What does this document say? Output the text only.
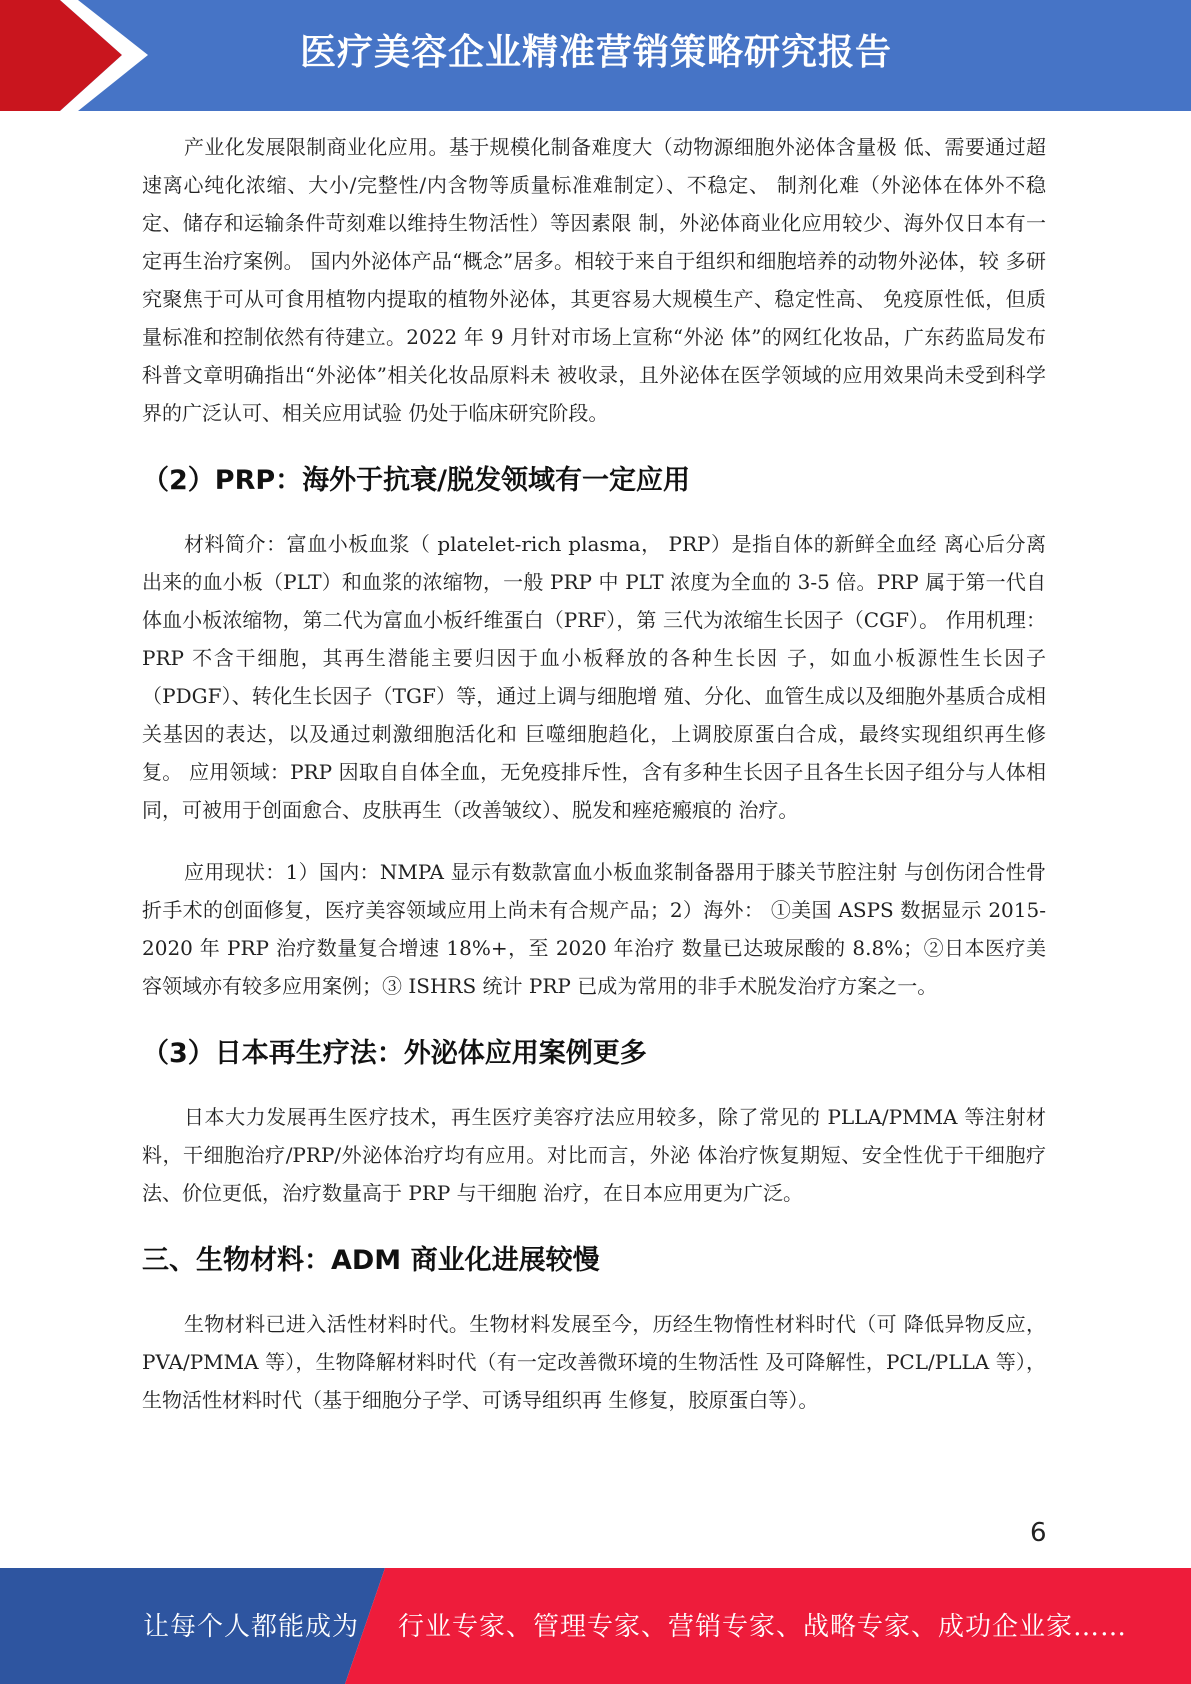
医疗美容企业精准营销策略研究报告

产业化发展限制商业化应用。基于规模化制备难度大（动物源细胞外泌体含量极 低、需要通过超速离心纯化浓缩、大小/完整性/内含物等质量标准难制定）、不稳定、 制剂化难（外泌体在体外不稳定、储存和运输条件苛刻难以维持生物活性）等因素限 制，外泌体商业化应用较少、海外仅日本有一定再生治疗案例。 国内外泌体产品“概念”居多。相较于来自于组织和细胞培养的动物外泌体，较 多研究聚焦于可从可食用植物内提取的植物外泌体，其更容易大规模生产、稳定性高、 免疫原性低，但质量标准和控制依然有待建立。2022 年 9 月针对市场上宣称“外泌 体”的网红化妆品，广东药监局发布科普文章明确指出“外泌体”相关化妆品原料未 被收录，且外泌体在医学领域的应用效果尚未受到科学界的广泛认可、相关应用试验 仍处于临床研究阶段。

（2）PRP：海外于抗衰/脱发领域有一定应用

材料简介：富血小板血浆（ platelet-rich plasma， PRP）是指自体的新鲜全血经 离心后分离出来的血小板（PLT）和血浆的浓缩物，一般 PRP 中 PLT 浓度为全血的 3-5 倍。PRP 属于第一代自体血小板浓缩物，第二代为富血小板纤维蛋白（PRF），第 三代为浓缩生长因子（CGF）。 作用机理：PRP 不含干细胞，其再生潜能主要归因于血小板释放的各种生长因 子，如血小板源性生长因子（PDGF）、转化生长因子（TGF）等，通过上调与细胞增 殖、分化、血管生成以及细胞外基质合成相关基因的表达，以及通过刺激细胞活化和 巨噬细胞趋化，上调胶原蛋白合成，最终实现组织再生修复。 应用领域：PRP 因取自自体全血，无免疫排斥性，含有多种生长因子且各生长因子组分与人体相同，可被用于创面愈合、皮肤再生（改善皱纹）、脱发和痤疮瘢痕的 治疗。

应用现状：1）国内：NMPA 显示有数款富血小板血浆制备器用于膝关节腔注射 与创伤闭合性骨折手术的创面修复，医疗美容领域应用上尚未有合规产品；2）海外： ①美国 ASPS 数据显示 2015-2020 年 PRP 治疗数量复合增速 18%+，至 2020 年治疗 数量已达玻尿酸的 8.8%；②日本医疗美容领域亦有较多应用案例；③ ISHRS 统计 PRP 已成为常用的非手术脱发治疗方案之一。

（3）日本再生疗法：外泌体应用案例更多

日本大力发展再生医疗技术，再生医疗美容疗法应用较多，除了常见的 PLLA/PMMA 等注射材料，干细胞治疗/PRP/外泌体治疗均有应用。对比而言，外泌 体治疗恢复期短、安全性优于干细胞疗法、价位更低，治疗数量高于 PRP 与干细胞 治疗，在日本应用更为广泛。

三、生物材料：ADM 商业化进展较慢

生物材料已进入活性材料时代。生物材料发展至今，历经生物惰性材料时代（可 降低异物反应，PVA/PMMA 等），生物降解材料时代（有一定改善微环境的生物活性 及可降解性，PCL/PLLA 等），生物活性材料时代（基于细胞分子学、可诱导组织再 生修复，胶原蛋白等）。

6
让每个人都能成为 行业专家、管理专家、营销专家、战略专家、成功企业家……
